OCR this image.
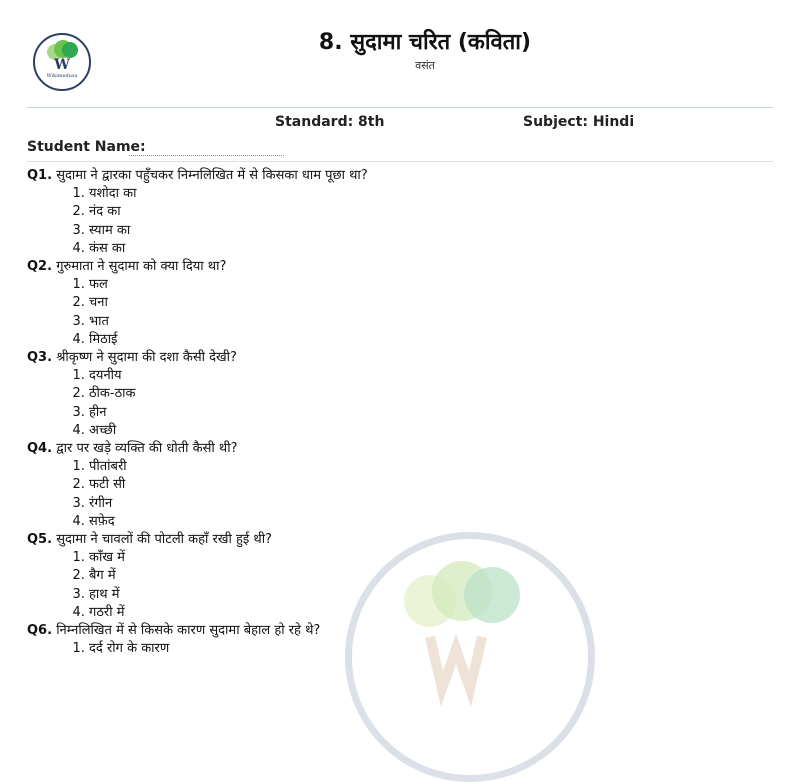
W
Wikimedusa
8. सुदामा चरित (कविता)
वसंत
Standard: 8th	Subject: Hindi
Student Name:
Q1. सुदामा ने द्वारका पहुँचकर निम्नलिखित में से किसका धाम पूछा था?
1. यशोदा का
2. नंद का
3. स्याम का
4. कंस का
Q2. गुरुमाता ने सुदामा को क्या दिया था?
1. फल
2. चना
3. भात
4. मिठाई
Q3. श्रीकृष्ण ने सुदामा की दशा कैसी देखी?
1. दयनीय
2. ठीक-ठाक
3. हीन
4. अच्छी
Q4. द्वार पर खड़े व्यक्ति की धोती कैसी थी?
1. पीतांबरी
2. फटी सी
3. रंगीन
4. सफ़ेद
Q5. सुदामा ने चावलों की पोटली कहाँ रखी हुई थी?
1. काँख में
2. बैग में
3. हाथ में
4. गठरी में
Q6. निम्नलिखित में से किसके कारण सुदामा बेहाल हो रहे थे?
1. दर्द रोग के कारण
